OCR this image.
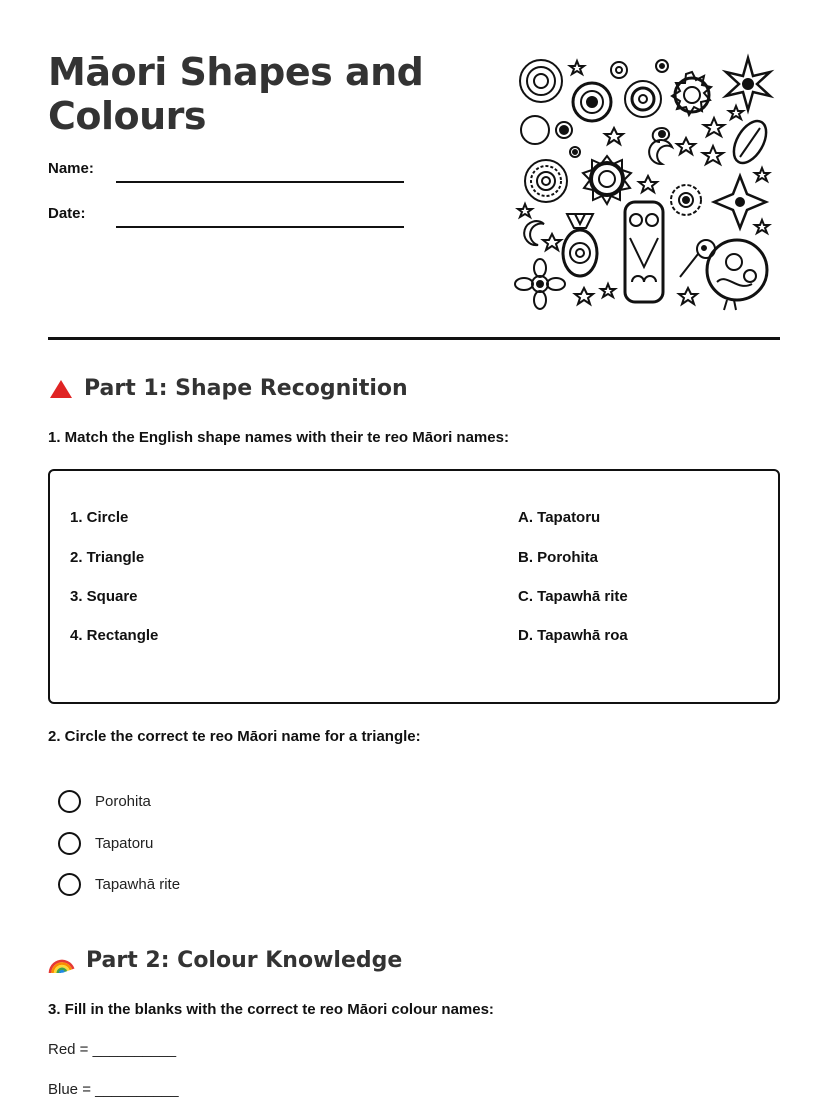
Māori Shapes and Colours
Name:
Date:
Part 1: Shape Recognition
1. Match the English shape names with their te reo Māori names:
1. Circle
2. Triangle
3. Square
4. Rectangle
A. Tapatoru
B. Porohita
C. Tapawhā rite
D. Tapawhā roa
2. Circle the correct te reo Māori name for a triangle:
Porohita
Tapatoru
Tapawhā rite
Part 2: Colour Knowledge
3. Fill in the blanks with the correct te reo Māori colour names:
Red = __________
Blue = __________
